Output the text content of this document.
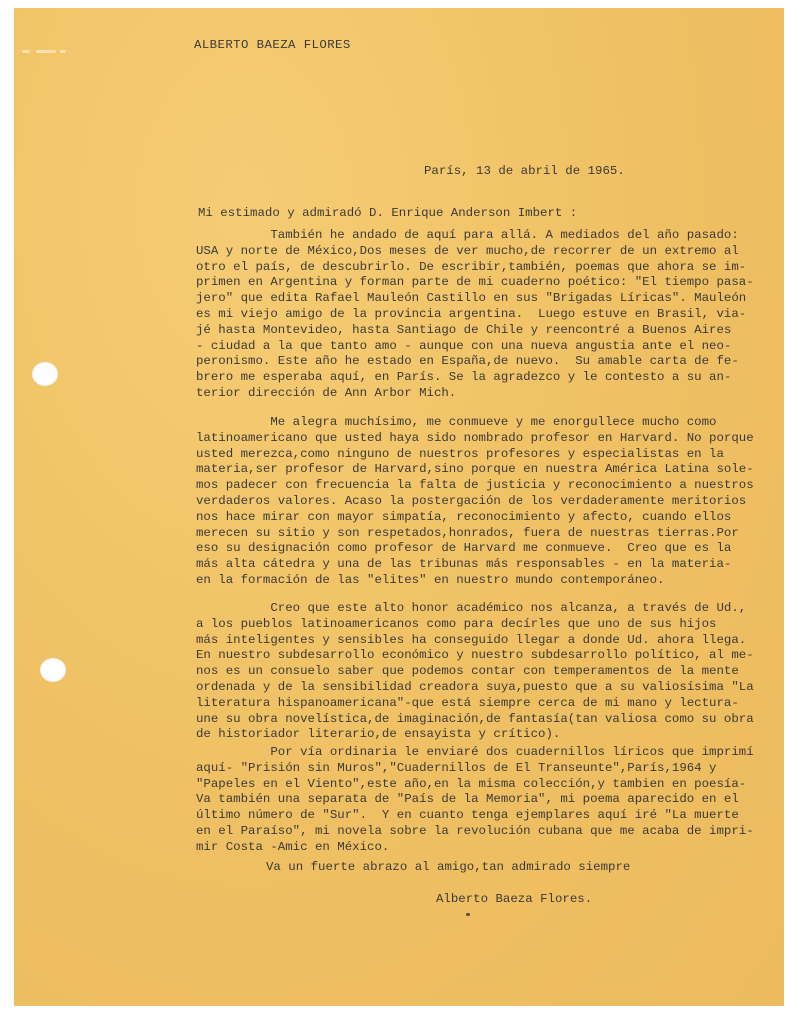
ALBERTO BAEZA FLORES

París, 13 de abril de 1965.

Mi estimado y admiradó D. Enrique Anderson Imbert :

También he andado de aquí para allá. A mediados del año pasado:
USA y norte de México,Dos meses de ver mucho,de recorrer de un extremo al
otro el país, de descubrirlo. De escribir,también, poemas que ahora se im-
primen en Argentina y forman parte de mi cuaderno poético: "El tiempo pasa-
jero" que edita Rafael Mauleón Castillo en sus "Brigadas Líricas". Mauleón
es mi viejo amigo de la provincia argentina.  Luego estuve en Brasil, via-
jé hasta Montevideo, hasta Santiago de Chile y reencontré a Buenos Aires
- ciudad a la que tanto amo - aunque con una nueva angustia ante el neo-
peronismo. Este año he estado en España,de nuevo.  Su amable carta de fe-
brero me esperaba aquí, en París. Se la agradezco y le contesto a su an-
terior dirección de Ann Arbor Mich.

Me alegra muchísimo, me conmueve y me enorgullece mucho como
latinoamericano que usted haya sido nombrado profesor en Harvard. No porque
usted merezca,como ninguno de nuestros profesores y especialistas en la
materia,ser profesor de Harvard,sino porque en nuestra América Latina sole-
mos padecer con frecuencia la falta de justicia y reconocimiento a nuestros
verdaderos valores. Acaso la postergación de los verdaderamente meritorios
nos hace mirar con mayor simpatía, reconocimiento y afecto, cuando ellos
merecen su sitio y son respetados,honrados, fuera de nuestras tierras.Por
eso su designación como profesor de Harvard me conmueve.  Creo que es la
más alta cátedra y una de las tribunas más responsables - en la materia-
en la formación de las "elites" en nuestro mundo contemporáneo.

Creo que este alto honor académico nos alcanza, a través de Ud.,
a los pueblos latinoamericanos como para decírles que uno de sus hijos
más inteligentes y sensibles ha conseguido llegar a donde Ud. ahora llega.
En nuestro subdesarrollo económico y nuestro subdesarrollo político, al me-
nos es un consuelo saber que podemos contar con temperamentos de la mente
ordenada y de la sensibilidad creadora suya,puesto que a su valiosísima "La
literatura hispanoamericana"-que está siempre cerca de mi mano y lectura-
une su obra novelística,de imaginación,de fantasía(tan valiosa como su obra
de historiador literario,de ensayista y crítico).

Por vía ordinaria le enviaré dos cuadernillos líricos que imprimí
aquí- "Prisión sin Muros","Cuadernillos de El Transeunte",París,1964 y
"Papeles en el Viento",este año,en la misma colección,y tambien en poesía-
Va también una separata de "País de la Memoria", mi poema aparecido en el
último número de "Sur".  Y en cuanto tenga ejemplares aquí iré "La muerte
en el Paraíso", mi novela sobre la revolución cubana que me acaba de impri-
mir Costa -Amic en México.

Va un fuerte abrazo al amigo,tan admirado siempre

Alberto Baeza Flores.
